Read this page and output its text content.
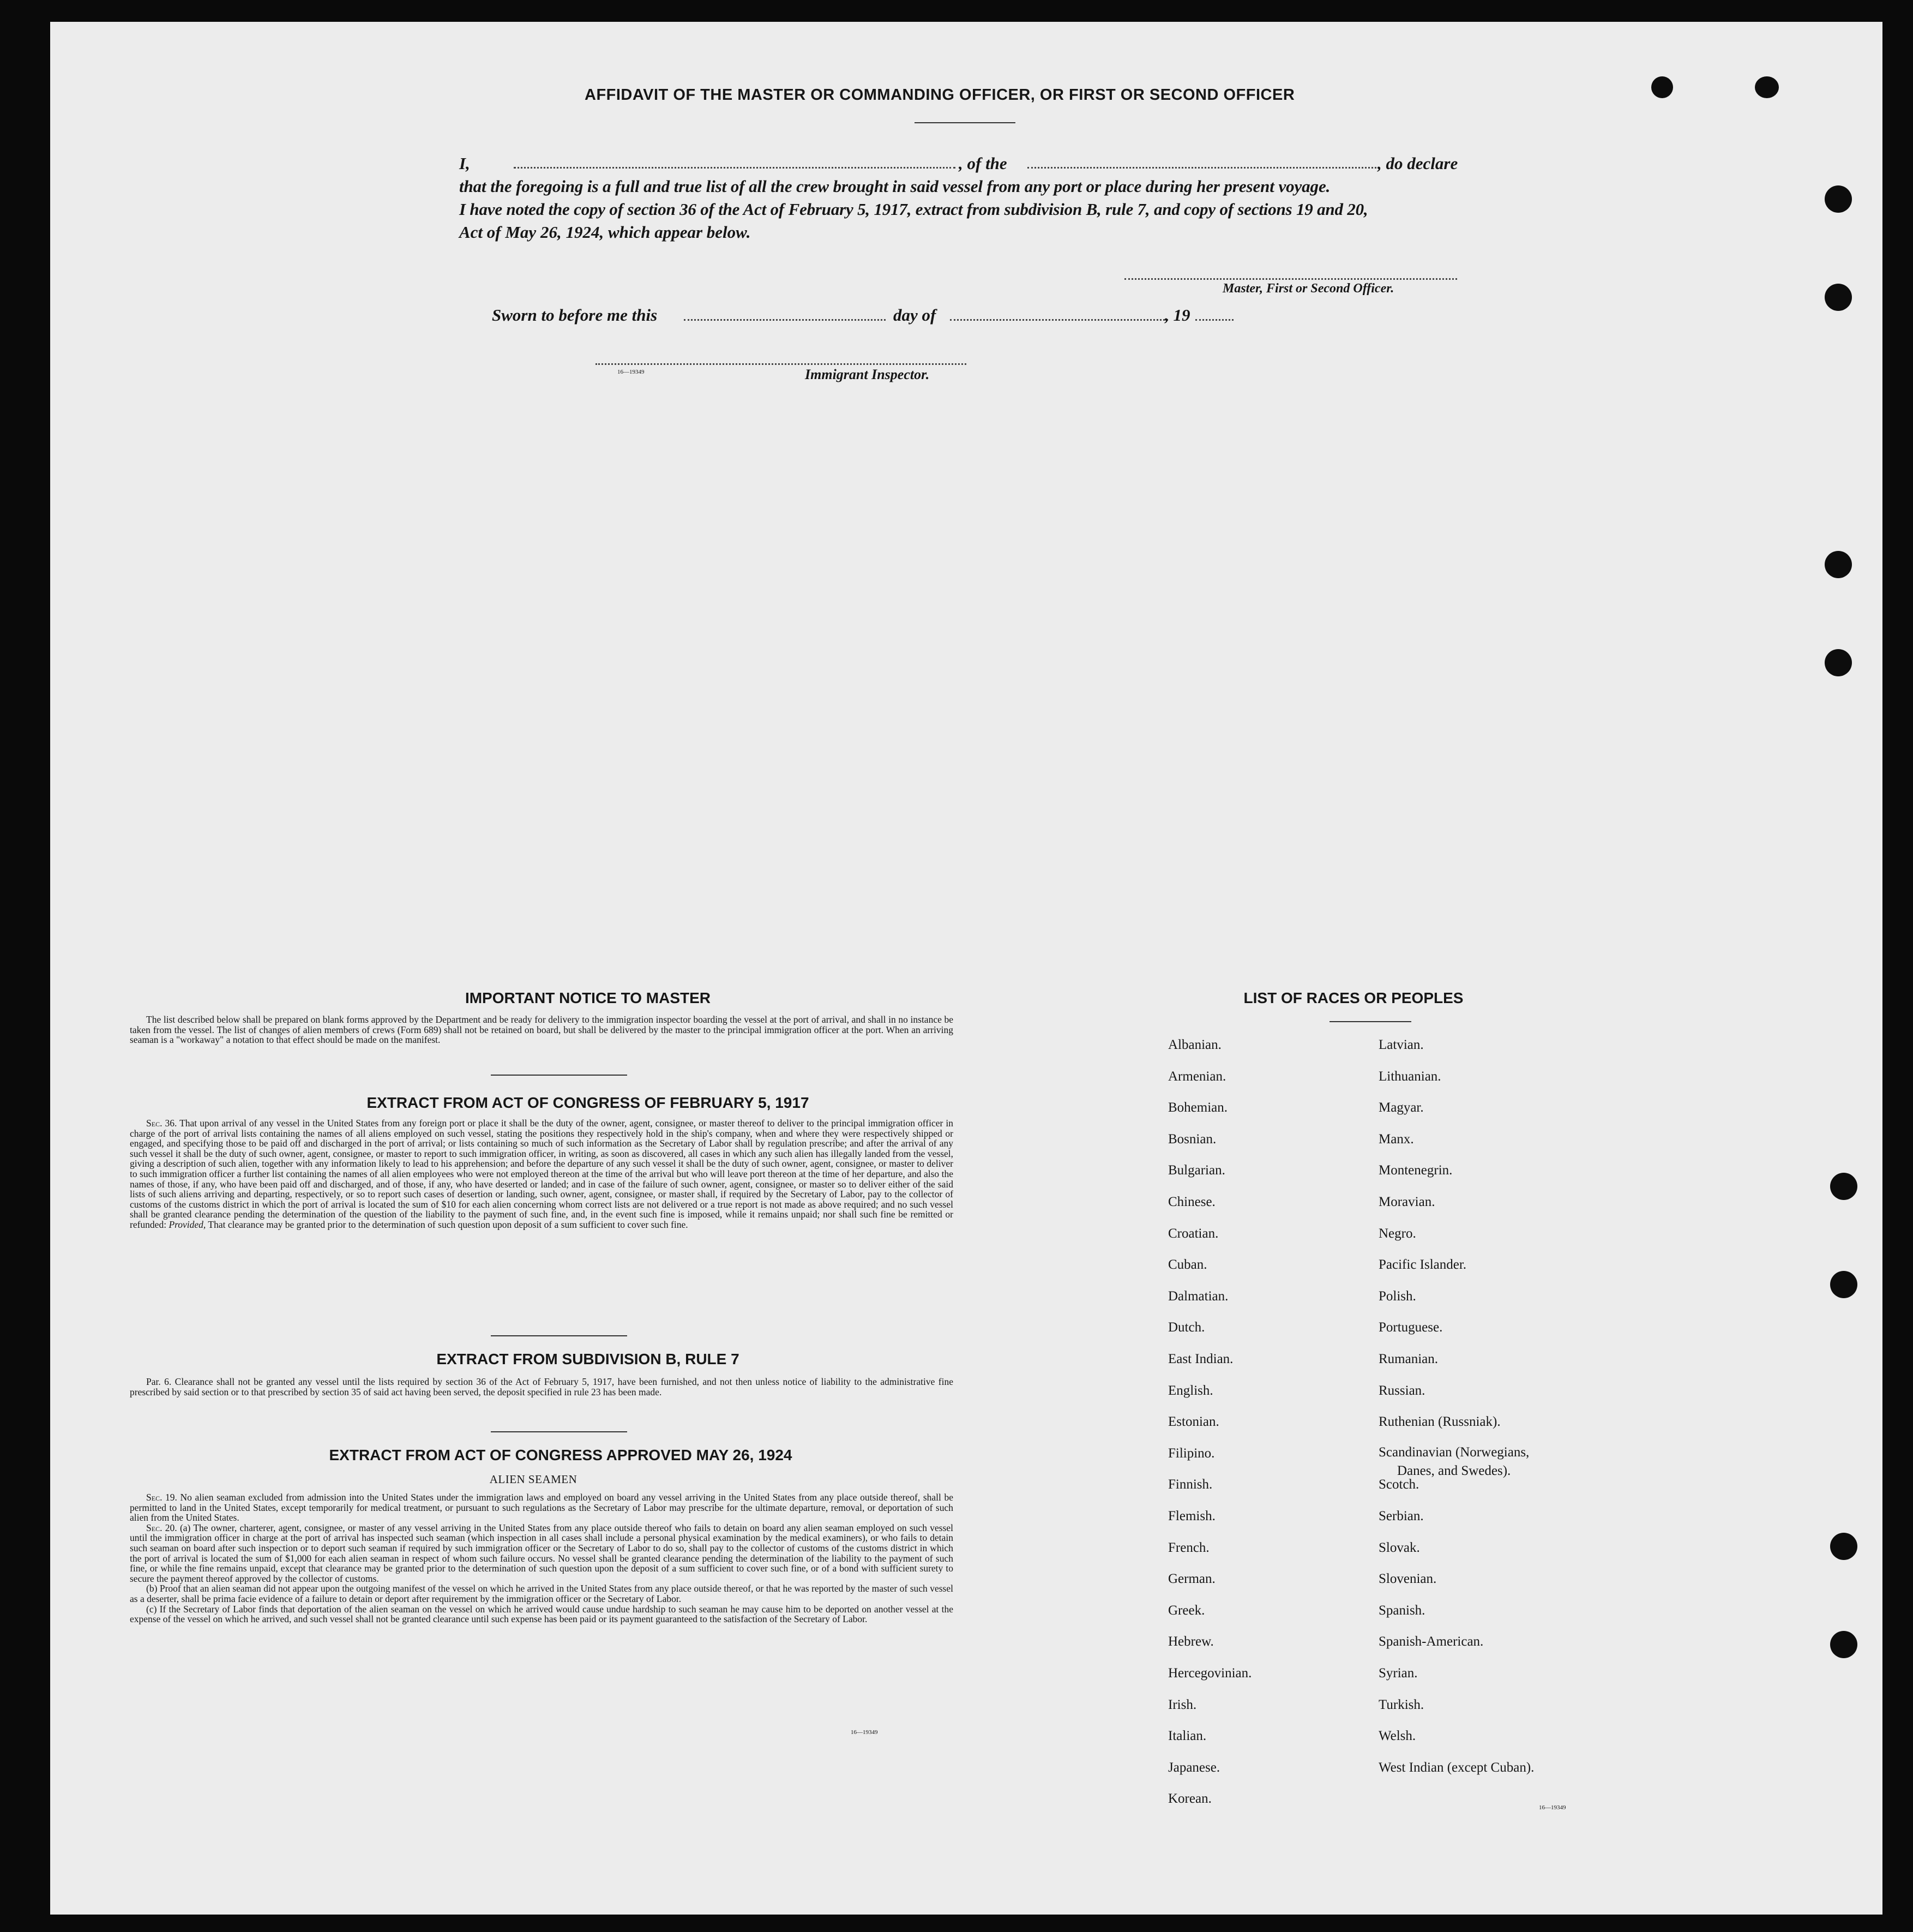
AFFIDAVIT OF THE MASTER OR COMMANDING OFFICER, OR FIRST OR SECOND OFFICER
I,	, of the	, do declare
that the foregoing is a full and true list of all the crew brought in said vessel from any port or place during her present voyage.
I have noted the copy of section 36 of the Act of February 5, 1917, extract from subdivision B, rule 7, and copy of sections 19 and 20,
Act of May 26, 1924, which appear below.
Master, First or Second Officer.
Sworn to before me this	day of	, 19
16—19349	Immigrant Inspector.
IMPORTANT NOTICE TO MASTER

The list described below shall be prepared on blank forms approved by the Department and be ready for delivery to the immigration inspector boarding the vessel at the port of arrival, and shall in no instance be taken from the vessel. The list of changes of alien members of crews (Form 689) shall not be retained on board, but shall be delivered by the master to the principal immigration officer at the port. When an arriving seaman is a "workaway" a notation to that effect should be made on the manifest.

EXTRACT FROM ACT OF CONGRESS OF FEBRUARY 5, 1917

Sec. 36. That upon arrival of any vessel in the United States from any foreign port or place it shall be the duty of the owner, agent, consignee, or master thereof to deliver to the principal immigration officer in charge of the port of arrival lists containing the names of all aliens employed on such vessel, stating the positions they respectively hold in the ship's company, when and where they were respectively shipped or engaged, and specifying those to be paid off and discharged in the port of arrival; or lists containing so much of such information as the Secretary of Labor shall by regulation prescribe; and after the arrival of any such vessel it shall be the duty of such owner, agent, consignee, or master to report to such immigration officer, in writing, as soon as discovered, all cases in which any such alien has illegally landed from the vessel, giving a description of such alien, together with any information likely to lead to his apprehension; and before the departure of any such vessel it shall be the duty of such owner, agent, consignee, or master to deliver to such immigration officer a further list containing the names of all alien employees who were not employed thereon at the time of the arrival but who will leave port thereon at the time of her departure, and also the names of those, if any, who have been paid off and discharged, and of those, if any, who have deserted or landed; and in case of the failure of such owner, agent, consignee, or master so to deliver either of the said lists of such aliens arriving and departing, respectively, or so to report such cases of desertion or landing, such owner, agent, consignee, or master shall, if required by the Secretary of Labor, pay to the collector of customs of the customs district in which the port of arrival is located the sum of $10 for each alien concerning whom correct lists are not delivered or a true report is not made as above required; and no such vessel shall be granted clearance pending the determination of the question of the liability to the payment of such fine, and, in the event such fine is imposed, while it remains unpaid; nor shall such fine be remitted or refunded: Provided, That clearance may be granted prior to the determination of such question upon deposit of a sum sufficient to cover such fine.

EXTRACT FROM SUBDIVISION B, RULE 7

Par. 6. Clearance shall not be granted any vessel until the lists required by section 36 of the Act of February 5, 1917, have been furnished, and not then unless notice of liability to the administrative fine prescribed by said section or to that prescribed by section 35 of said act having been served, the deposit specified in rule 23 has been made.

EXTRACT FROM ACT OF CONGRESS APPROVED MAY 26, 1924
ALIEN SEAMEN

Sec. 19. No alien seaman excluded from admission into the United States under the immigration laws and employed on board any vessel arriving in the United States from any place outside thereof, shall be permitted to land in the United States, except temporarily for medical treatment, or pursuant to such regulations as the Secretary of Labor may prescribe for the ultimate departure, removal, or deportation of such alien from the United States.

Sec. 20. (a) The owner, charterer, agent, consignee, or master of any vessel arriving in the United States from any place outside thereof who fails to detain on board any alien seaman employed on such vessel until the immigration officer in charge at the port of arrival has inspected such seaman (which inspection in all cases shall include a personal physical examination by the medical examiners), or who fails to detain such seaman on board after such inspection or to deport such seaman if required by such immigration officer or the Secretary of Labor to do so, shall pay to the collector of customs of the customs district in which the port of arrival is located the sum of $1,000 for each alien seaman in respect of whom such failure occurs. No vessel shall be granted clearance pending the determination of the liability to the payment of such fine, or while the fine remains unpaid, except that clearance may be granted prior to the determination of such question upon the deposit of a sum sufficient to cover such fine, or of a bond with sufficient surety to secure the payment thereof approved by the collector of customs.

(b) Proof that an alien seaman did not appear upon the outgoing manifest of the vessel on which he arrived in the United States from any place outside thereof, or that he was reported by the master of such vessel as a deserter, shall be prima facie evidence of a failure to detain or deport after requirement by the immigration officer or the Secretary of Labor.

(c) If the Secretary of Labor finds that deportation of the alien seaman on the vessel on which he arrived would cause undue hardship to such seaman he may cause him to be deported on another vessel at the expense of the vessel on which he arrived, and such vessel shall not be granted clearance until such expense has been paid or its payment guaranteed to the satisfaction of the Secretary of Labor.

16—19349
LIST OF RACES OR PEOPLES
16—19349
Albanian.
Armenian.
Bohemian.
Bosnian.
Bulgarian.
Chinese.
Croatian.
Cuban.
Dalmatian.
Dutch.
East Indian.
English.
Estonian.
Filipino.
Finnish.
Flemish.
French.
German.
Greek.
Hebrew.
Hercegovinian.
Irish.
Italian.
Japanese.
Korean.
Latvian.
Lithuanian.
Magyar.
Manx.
Montenegrin.
Moravian.
Negro.
Pacific Islander.
Polish.
Portuguese.
Rumanian.
Russian.
Ruthenian (Russniak).
Scandinavian (Norwegians,
Danes, and Swedes).
Scotch.
Serbian.
Slovak.
Slovenian.
Spanish.
Spanish-American.
Syrian.
Turkish.
Welsh.
West Indian (except Cuban).
